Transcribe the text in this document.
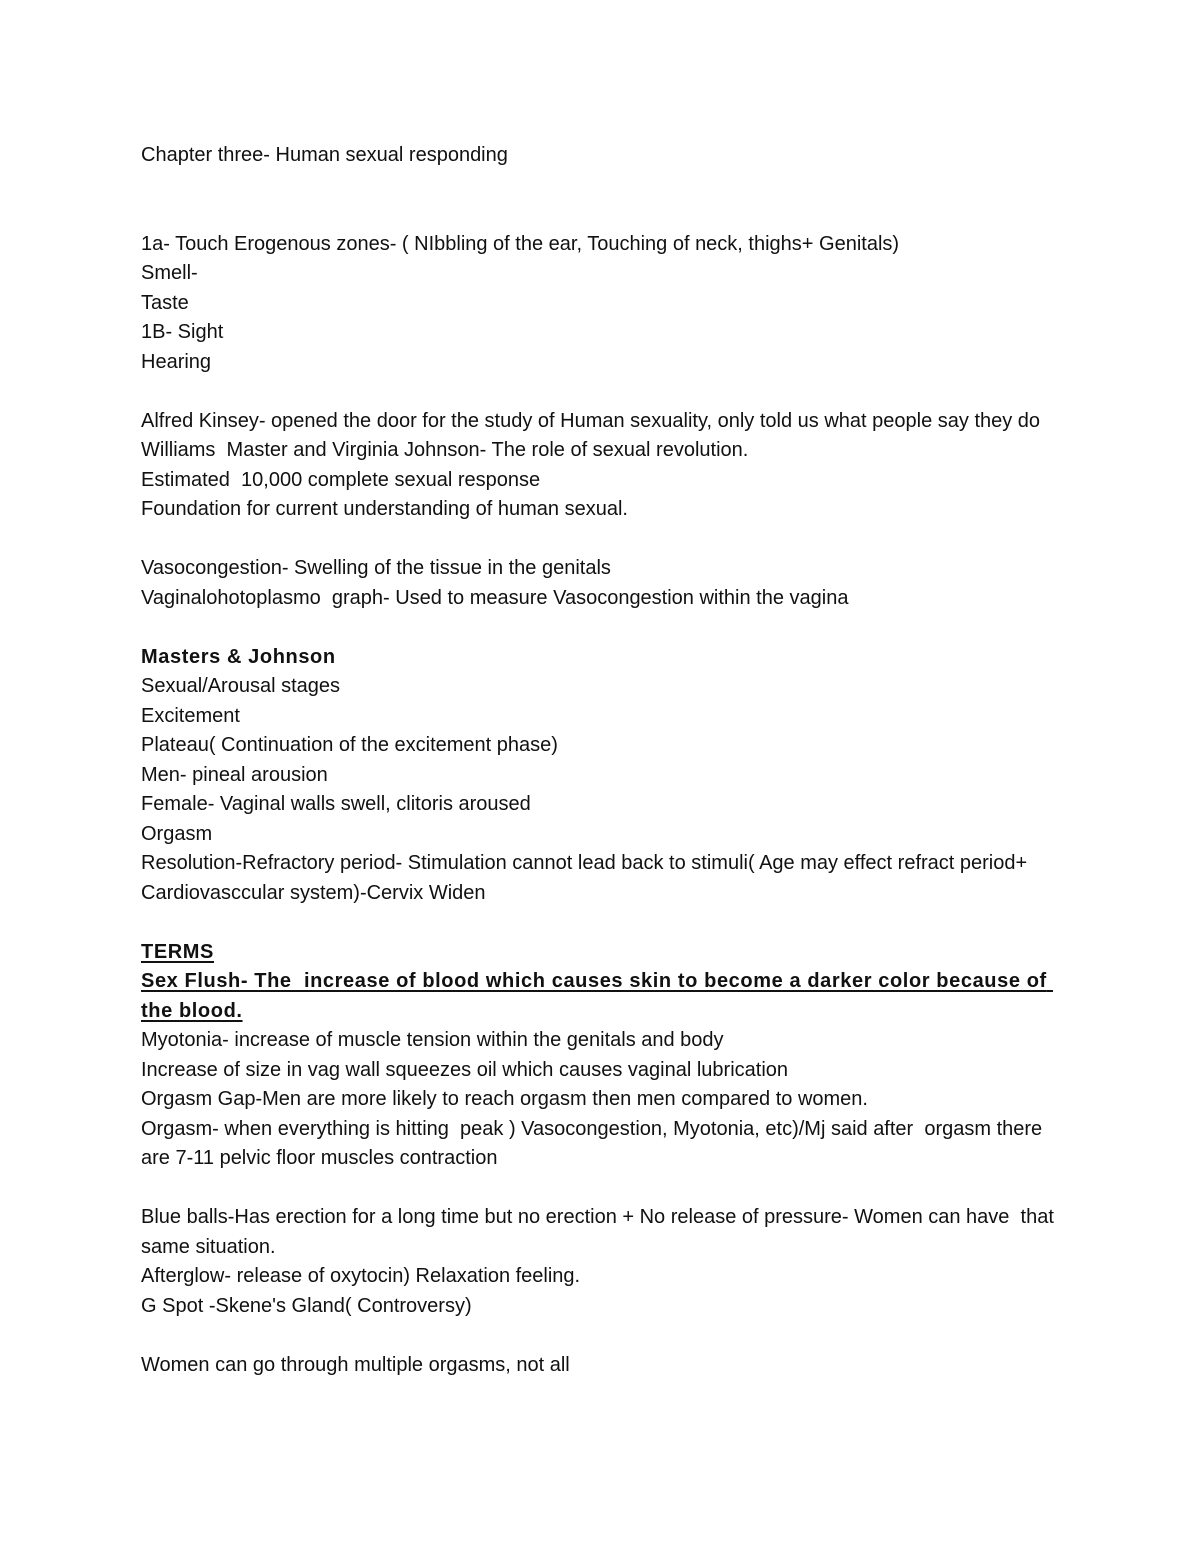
Chapter three- Human sexual responding

1a- Touch Erogenous zones- ( NIbbling of the ear, Touching of neck, thighs+ Genitals)

Smell-

Taste

1B- Sight

Hearing

Alfred Kinsey- opened the door for the study of Human sexuality, only told us what people say they do

Williams  Master and Virginia Johnson- The role of sexual revolution.

Estimated  10,000 complete sexual response

Foundation for current understanding of human sexual.

Vasocongestion- Swelling of the tissue in the genitals

Vaginalohotoplasmo  graph- Used to measure Vasocongestion within the vagina

Masters & Johnson

Sexual/Arousal stages

Excitement

Plateau( Continuation of the excitement phase)

Men- pineal arousion

Female- Vaginal walls swell, clitoris aroused

Orgasm

Resolution-Refractory period- Stimulation cannot lead back to stimuli( Age may effect refract period+ Cardiovasccular system)-Cervix Widen

TERMS

Sex Flush- The  increase of blood which causes skin to become a darker color because of the blood.

Myotonia- increase of muscle tension within the genitals and body

Increase of size in vag wall squeezes oil which causes vaginal lubrication

Orgasm Gap-Men are more likely to reach orgasm then men compared to women.

Orgasm- when everything is hitting  peak ) Vasocongestion, Myotonia, etc)/Mj said after  orgasm there are 7-11 pelvic floor muscles contraction

Blue balls-Has erection for a long time but no erection + No release of pressure- Women can have  that same situation.

Afterglow- release of oxytocin) Relaxation feeling.

G Spot -Skene's Gland( Controversy)

Women can go through multiple orgasms, not all
